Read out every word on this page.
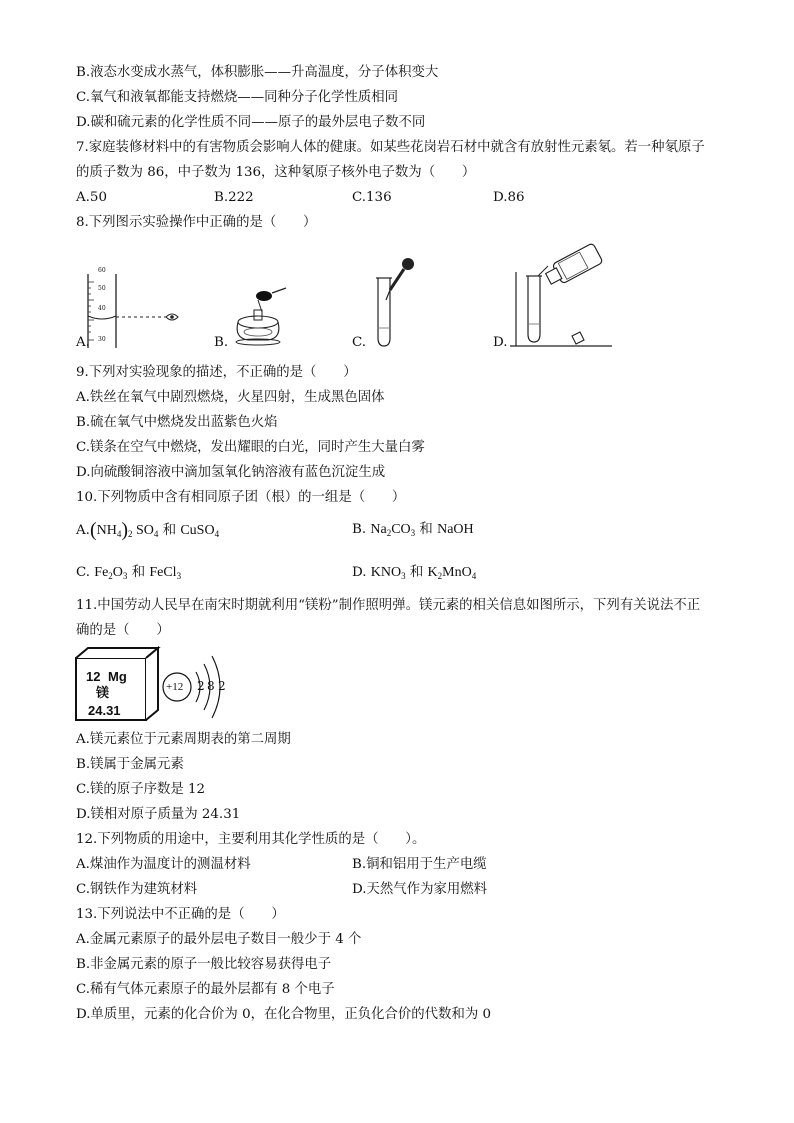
B.液态水变成水蒸气，体积膨胀——升高温度，分子体积变大
C.氧气和液氧都能支持燃烧——同种分子化学性质相同
D.碳和硫元素的化学性质不同——原子的最外层电子数不同
7.家庭装修材料中的有害物质会影响人体的健康。如某些花岗岩石材中就含有放射性元素氡。若一种氡原子
的质子数为 86，中子数为 136，这种氡原子核外电子数为（　　）
A.50	B.222	C.136	D.86
8.下列图示实验操作中正确的是（　　）
60
50
40
30
A.	B.	C.	D.
9.下列对实验现象的描述，不正确的是（　　）
A.铁丝在氧气中剧烈燃烧，火星四射，生成黑色固体
B.硫在氧气中燃烧发出蓝紫色火焰
C.镁条在空气中燃烧，发出耀眼的白光，同时产生大量白雾
D.向硫酸铜溶液中滴加氢氧化钠溶液有蓝色沉淀生成
10.下列物质中含有相同原子团（根）的一组是（　　）
$A.(NH_4)_2$ $SO_4$ 和 CuSO$_4$	B. $Na_2CO_3$ 和 NaOH
C. $Fe_2O_3$ 和 FeCl$_3$	D. $KNO_3$ 和 $K_2MnO_4$
11.中国劳动人民早在南宋时期就利用“镁粉”制作照明弹。镁元素的相关信息如图所示，下列有关说法不正
确的是（　　）
12 Mg
镁
24.31
+12 2 8 2
A.镁元素位于元素周期表的第二周期
B.镁属于金属元素
C.镁的原子序数是 12
D.镁相对原子质量为 24.31
12.下列物质的用途中，主要利用其化学性质的是（　　）。
A.煤油作为温度计的测温材料	B.铜和铝用于生产电缆
C.钢铁作为建筑材料	D.天然气作为家用燃料
13.下列说法中不正确的是（　　）
A.金属元素原子的最外层电子数目一般少于 4 个
B.非金属元素的原子一般比较容易获得电子
C.稀有气体元素原子的最外层都有 8 个电子
D.单质里，元素的化合价为 0，在化合物里，正负化合价的代数和为 0
